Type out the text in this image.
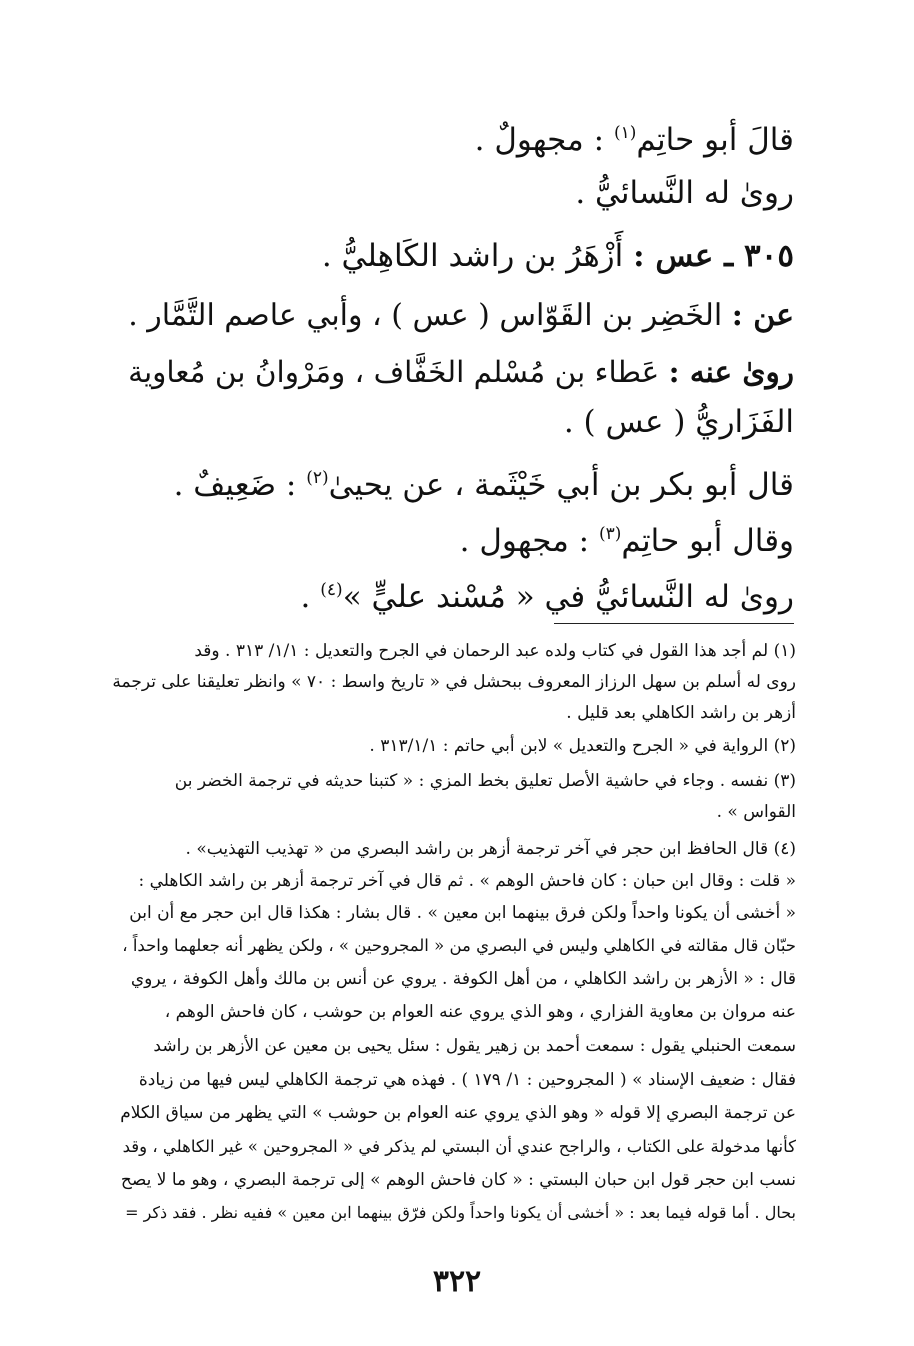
قالَ أبو حاتِم$^{(١)}$ : مجهولٌ .
روىٰ له النَّسائيُّ .
٣٠٥ ـ عس : أَزْهَرُ بن راشد الكَاهِليُّ .
عن : الخَضِر بن القَوّاس ( عس ) ، وأبي عاصم التَّمَّار .
روىٰ عنه : عَطاء بن مُسْلم الخَفَّاف ، ومَرْوانُ بن مُعاوية
الفَزَاريُّ ( عس ) .
قال أبو بكر بن أبي خَيْثَمة ، عن يحيىٰ$^{(٢)}$ : ضَعِيفٌ .
وقال أبو حاتِم$^{(٣)}$ : مجهول .
روىٰ له النَّسائيُّ في « مُسْند عليٍّ »$^{(٤)}$ .
(١) لم أجد هذا القول في كتاب ولده عبد الرحمان في الجرح والتعديل : ١/١/ ٣١٣ . وقد
روى له أسلم بن سهل الرزاز المعروف ببحشل في « تاريخ واسط : ٧٠ » وانظر تعليقنا على ترجمة
أزهر بن راشد الكاهلي بعد قليل .
(٢) الرواية في « الجرح والتعديل » لابن أبي حاتم : ٣١٣/١/١ .
(٣) نفسه . وجاء في حاشية الأصل تعليق بخط المزي : « كتبنا حديثه في ترجمة الخضر بن
القواس » .
(٤) قال الحافظ ابن حجر في آخر ترجمة أزهر بن راشد البصري من « تهذيب التهذيب» .
« قلت : وقال ابن حبان : كان فاحش الوهم » . ثم قال في آخر ترجمة أزهر بن راشد الكاهلي :
« أخشى أن يكونا واحداً ولكن فرق بينهما ابن معين » . قال بشار : هكذا قال ابن حجر مع أن ابن
حبّان قال مقالته في الكاهلي وليس في البصري من « المجروحين » ، ولكن يظهر أنه جعلهما واحداً ،
قال : « الأزهر بن راشد الكاهلي ، من أهل الكوفة . يروي عن أنس بن مالك وأهل الكوفة ، يروي
عنه مروان بن معاوية الفزاري ، وهو الذي يروي عنه العوام بن حوشب ، كان فاحش الوهم ،
سمعت الحنبلي يقول : سمعت أحمد بن زهير يقول : سئل يحيى بن معين عن الأزهر بن راشد
فقال : ضعيف الإسناد » ( المجروحين : ١/ ١٧٩ ) . فهذه هي ترجمة الكاهلي ليس فيها من زيادة
عن ترجمة البصري إلا قوله « وهو الذي يروي عنه العوام بن حوشب » التي يظهر من سياق الكلام
كأنها مدخولة على الكتاب ، والراجح عندي أن البستي لم يذكر في « المجروحين » غير الكاهلي ، وقد
نسب ابن حجر قول ابن حبان البستي : « كان فاحش الوهم » إلى ترجمة البصري ، وهو ما لا يصح
بحال . أما قوله فيما بعد : « أخشى أن يكونا واحداً ولكن فرّق بينهما ابن معين » ففيه نظر . فقد ذكر =
٣٢٢
